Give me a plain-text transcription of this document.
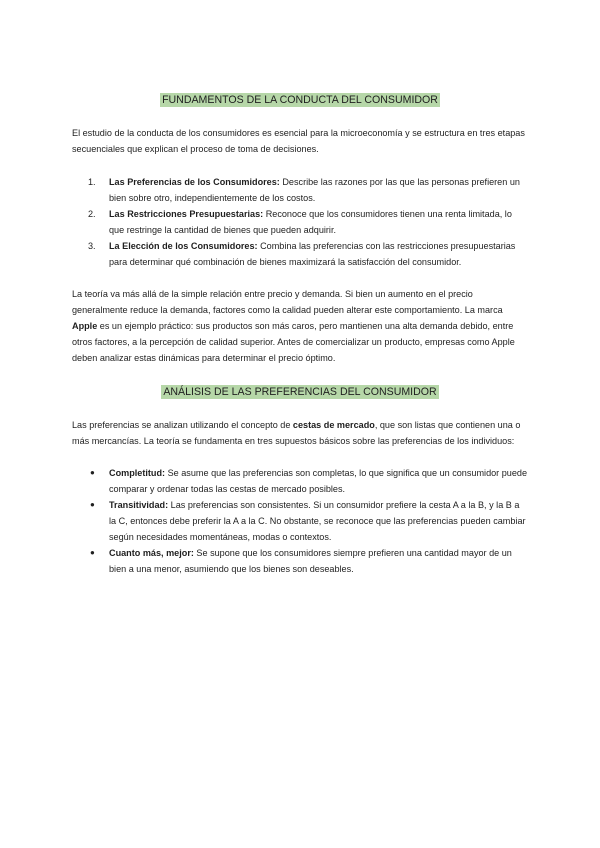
FUNDAMENTOS DE LA CONDUCTA DEL CONSUMIDOR

El estudio de la conducta de los consumidores es esencial para la microeconomía y se estructura en tres etapas secuenciales que explican el proceso de toma de decisiones.

1.	Las Preferencias de los Consumidores: Describe las razones por las que las personas prefieren un bien sobre otro, independientemente de los costos.
2.	Las Restricciones Presupuestarias: Reconoce que los consumidores tienen una renta limitada, lo que restringe la cantidad de bienes que pueden adquirir.
3.	La Elección de los Consumidores: Combina las preferencias con las restricciones presupuestarias para determinar qué combinación de bienes maximizará la satisfacción del consumidor.

La teoría va más allá de la simple relación entre precio y demanda. Si bien un aumento en el precio generalmente reduce la demanda, factores como la calidad pueden alterar este comportamiento. La marca Apple es un ejemplo práctico: sus productos son más caros, pero mantienen una alta demanda debido, entre otros factores, a la percepción de calidad superior. Antes de comercializar un producto, empresas como Apple deben analizar estas dinámicas para determinar el precio óptimo.

ANÁLISIS DE LAS PREFERENCIAS DEL CONSUMIDOR

Las preferencias se analizan utilizando el concepto de cestas de mercado, que son listas que contienen una o más mercancías. La teoría se fundamenta en tres supuestos básicos sobre las preferencias de los individuos:

●	Completitud: Se asume que las preferencias son completas, lo que significa que un consumidor puede comparar y ordenar todas las cestas de mercado posibles.
●	Transitividad: Las preferencias son consistentes. Si un consumidor prefiere la cesta A a la B, y la B a la C, entonces debe preferir la A a la C. No obstante, se reconoce que las preferencias pueden cambiar según necesidades momentáneas, modas o contextos.
●	Cuanto más, mejor: Se supone que los consumidores siempre prefieren una cantidad mayor de un bien a una menor, asumiendo que los bienes son deseables.
